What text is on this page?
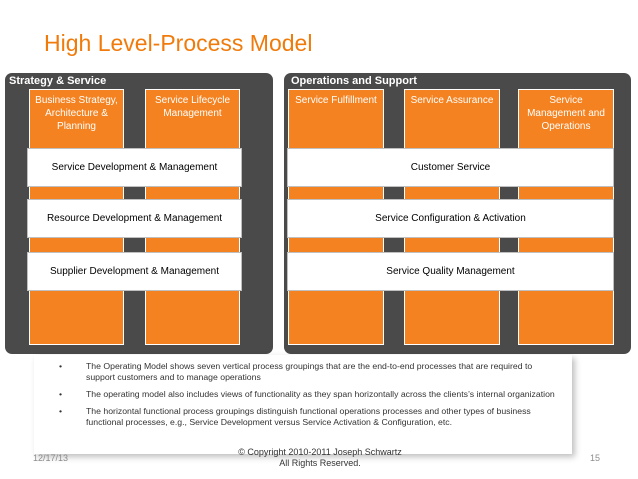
High Level-Process Model
Strategy & Service
Business Strategy, Architecture & Planning
Service Lifecycle Management
Service Development & Management
Resource Development & Management
Supplier Development & Management
Operations and Support
Service Fulfillment	Service Assurance	Service Management and Operations
Customer Service
Service Configuration & Activation
Service Quality Management
•	The Operating Model shows seven vertical process groupings that are the end-to-end processes that are required to support customers and to manage operations
•	The operating model also includes views of functionality as they span horizontally across the clients’s internal organization
•	The horizontal functional process groupings distinguish functional operations processes and other types of business functional processes, e.g., Service Development versus Service Activation & Configuration, etc.
12/17/13
© Copyright 2010-2011 Joseph Schwartz
All Rights Reserved.	15
